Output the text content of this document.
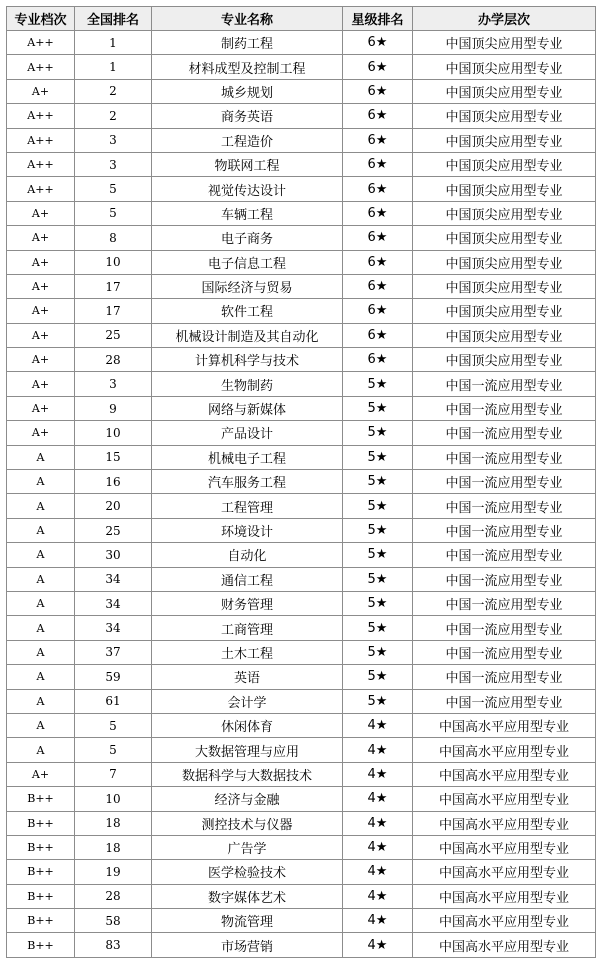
专业档次	全国排名	专业名称	星级排名	办学层次
A++	1	制药工程	6★	中国顶尖应用型专业
A++	1	材料成型及控制工程	6★	中国顶尖应用型专业
A+	2	城乡规划	6★	中国顶尖应用型专业
A++	2	商务英语	6★	中国顶尖应用型专业
A++	3	工程造价	6★	中国顶尖应用型专业
A++	3	物联网工程	6★	中国顶尖应用型专业
A++	5	视觉传达设计	6★	中国顶尖应用型专业
A+	5	车辆工程	6★	中国顶尖应用型专业
A+	8	电子商务	6★	中国顶尖应用型专业
A+	10	电子信息工程	6★	中国顶尖应用型专业
A+	17	国际经济与贸易	6★	中国顶尖应用型专业
A+	17	软件工程	6★	中国顶尖应用型专业
A+	25	机械设计制造及其自动化	6★	中国顶尖应用型专业
A+	28	计算机科学与技术	6★	中国顶尖应用型专业
A+	3	生物制药	5★	中国一流应用型专业
A+	9	网络与新媒体	5★	中国一流应用型专业
A+	10	产品设计	5★	中国一流应用型专业
A	15	机械电子工程	5★	中国一流应用型专业
A	16	汽车服务工程	5★	中国一流应用型专业
A	20	工程管理	5★	中国一流应用型专业
A	25	环境设计	5★	中国一流应用型专业
A	30	自动化	5★	中国一流应用型专业
A	34	通信工程	5★	中国一流应用型专业
A	34	财务管理	5★	中国一流应用型专业
A	34	工商管理	5★	中国一流应用型专业
A	37	土木工程	5★	中国一流应用型专业
A	59	英语	5★	中国一流应用型专业
A	61	会计学	5★	中国一流应用型专业
A	5	休闲体育	4★	中国高水平应用型专业
A	5	大数据管理与应用	4★	中国高水平应用型专业
A+	7	数据科学与大数据技术	4★	中国高水平应用型专业
B++	10	经济与金融	4★	中国高水平应用型专业
B++	18	测控技术与仪器	4★	中国高水平应用型专业
B++	18	广告学	4★	中国高水平应用型专业
B++	19	医学检验技术	4★	中国高水平应用型专业
B++	28	数字媒体艺术	4★	中国高水平应用型专业
B++	58	物流管理	4★	中国高水平应用型专业
B++	83	市场营销	4★	中国高水平应用型专业
